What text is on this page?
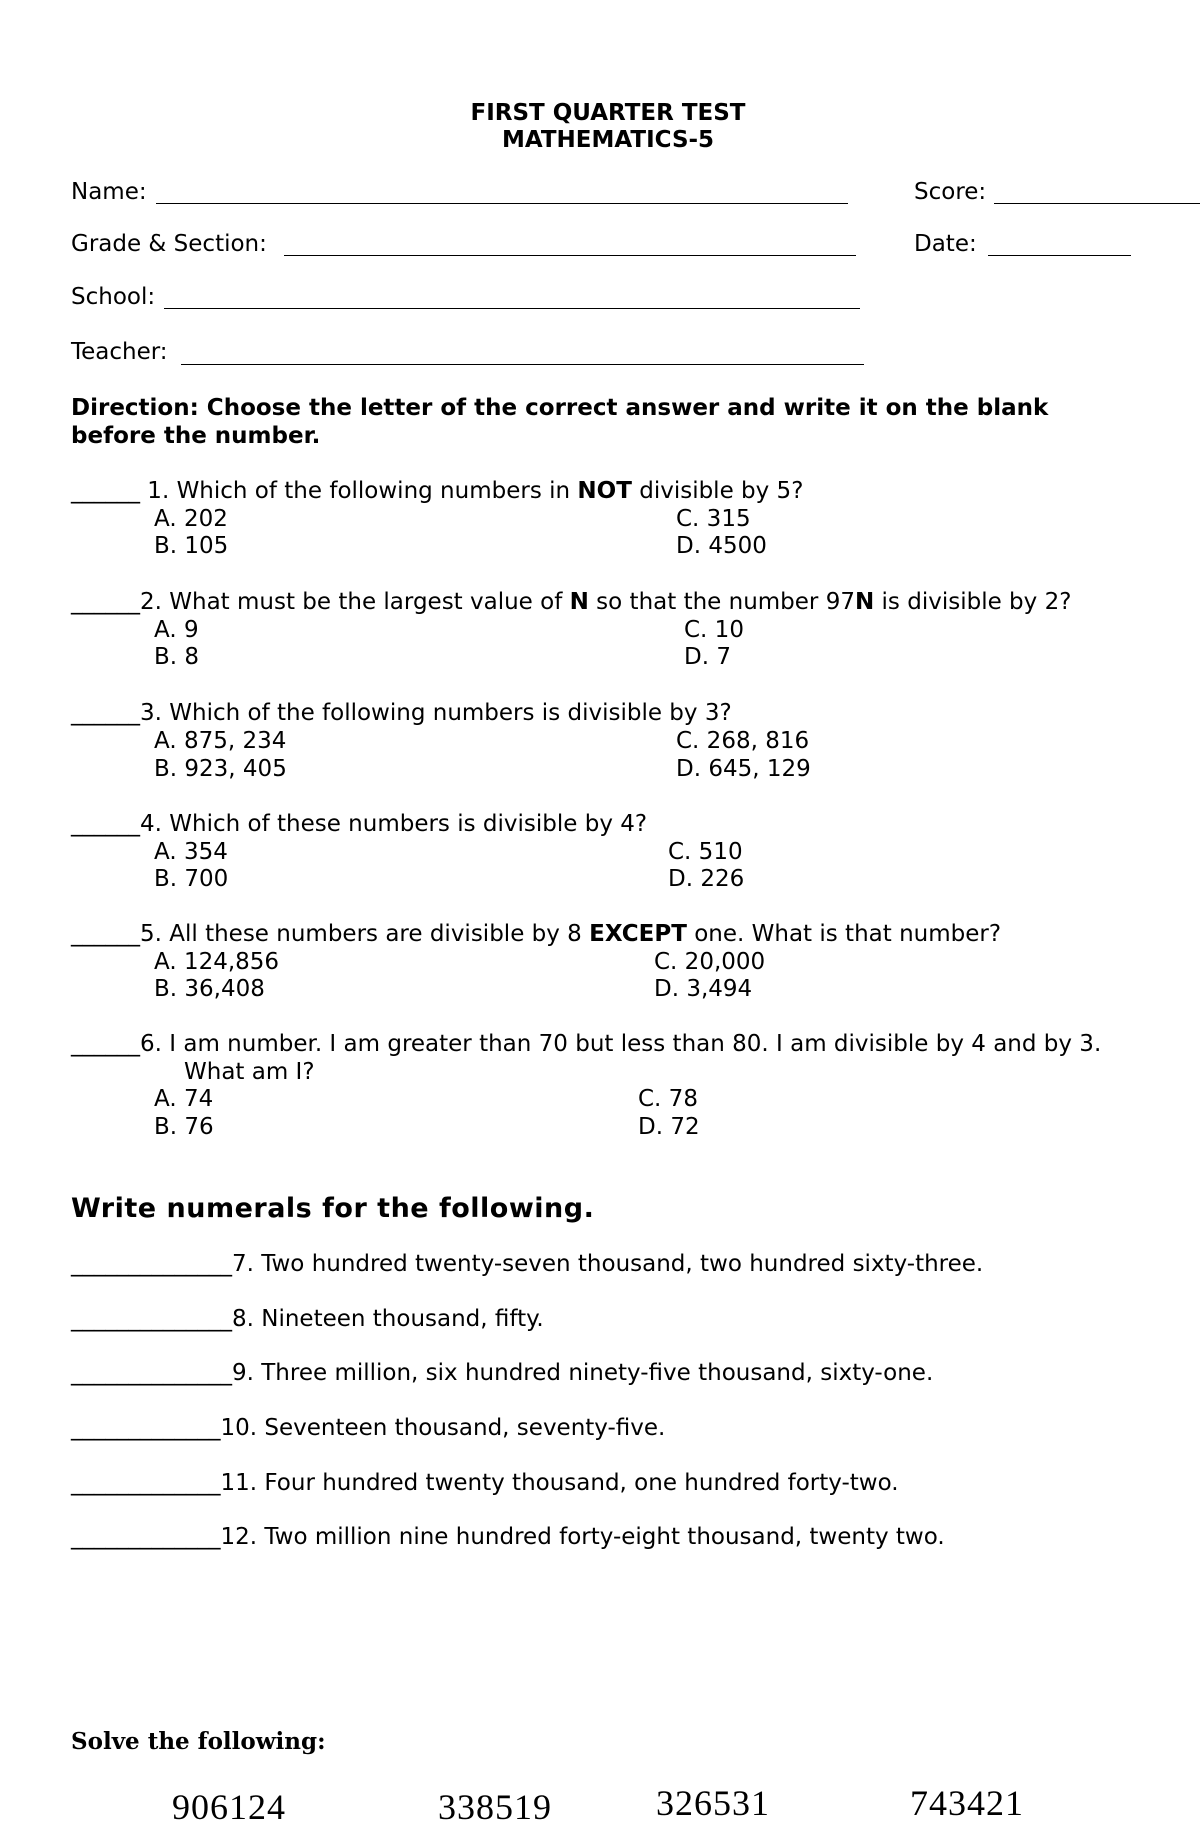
FIRST QUARTER TEST
MATHEMATICS-5
Name:	Score:
Grade & Section:	Date:
School:
Teacher:
Direction: Choose the letter of the correct answer and write it on the blank before the number.
______ 1. Which of the following numbers in NOT divisible by 5?
A. 202
B. 105
C. 315
D. 4500
______2. What must be the largest value of N so that the number 97N is divisible by 2?
A. 9
B. 8
C. 10
D. 7
______3. Which of the following numbers is divisible by 3?
A. 875, 234
B. 923, 405
C. 268, 816
D. 645, 129
______4. Which of these numbers is divisible by 4?
A. 354
B. 700
C. 510
D. 226
______5. All these numbers are divisible by 8 EXCEPT one. What is that number?
A. 124,856
B. 36,408
C. 20,000
D. 3,494
______6. I am number. I am greater than 70 but less than 80. I am divisible by 4 and by 3.
What am I?
A. 74
B. 76
C. 78
D. 72
Write numerals for the following.
______________7. Two hundred twenty-seven thousand, two hundred sixty-three.
______________8. Nineteen thousand, fifty.
______________9. Three million, six hundred ninety-five thousand, sixty-one.
_____________10. Seventeen thousand, seventy-five.
_____________11. Four hundred twenty thousand, one hundred forty-two.
_____________12. Two million nine hundred forty-eight thousand, twenty two.
Solve the following:
906124	338519	326531	743421
